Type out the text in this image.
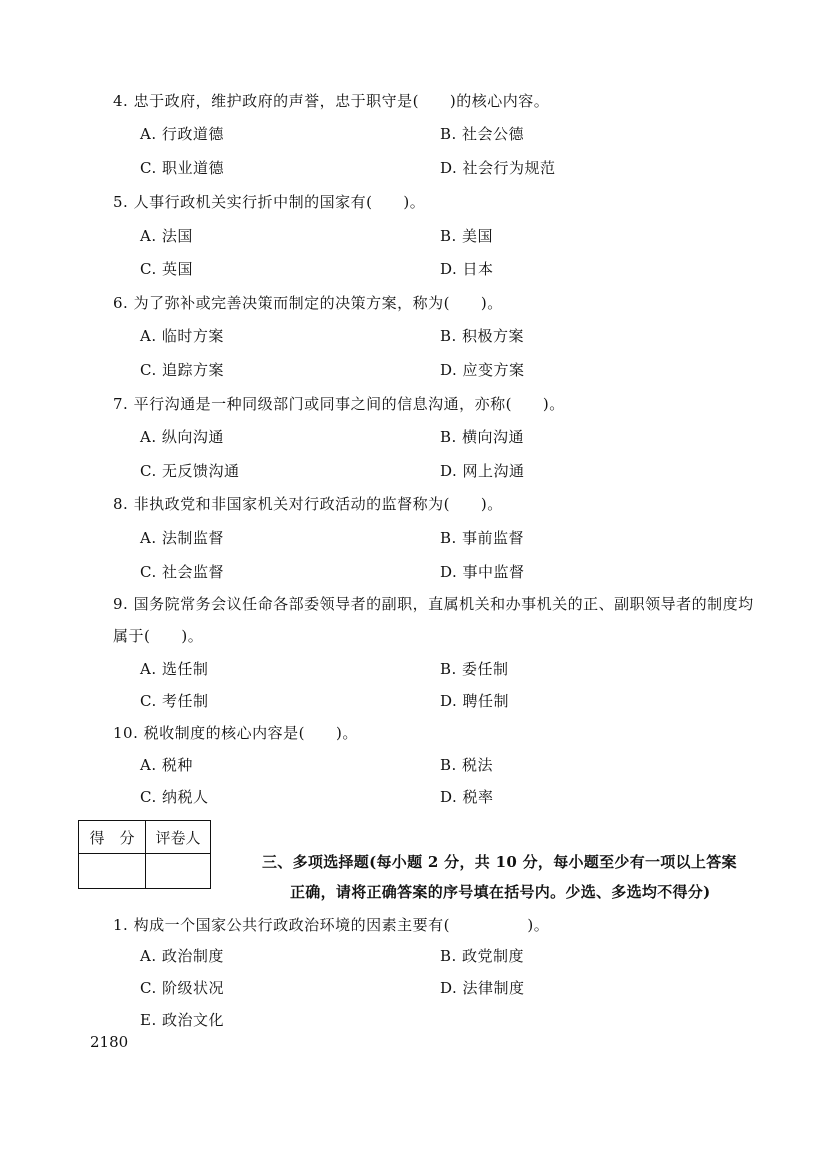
4. 忠于政府，维护政府的声誉，忠于职守是(　　)的核心内容。
A. 行政道德	B. 社会公德
C. 职业道德	D. 社会行为规范
5. 人事行政机关实行折中制的国家有(　　)。
A. 法国	B. 美国
C. 英国	D. 日本
6. 为了弥补或完善决策而制定的决策方案，称为(　　)。
A. 临时方案	B. 积极方案
C. 追踪方案	D. 应变方案
7. 平行沟通是一种同级部门或同事之间的信息沟通，亦称(　　)。
A. 纵向沟通	B. 横向沟通
C. 无反馈沟通	D. 网上沟通
8. 非执政党和非国家机关对行政活动的监督称为(　　)。
A. 法制监督	B. 事前监督
C. 社会监督	D. 事中监督
9. 国务院常务会议任命各部委领导者的副职，直属机关和办事机关的正、副职领导者的制度均属于(　　)。
A. 选任制	B. 委任制
C. 考任制	D. 聘任制
10. 税收制度的核心内容是(　　)。
A. 税种	B. 税法
C. 纳税人	D. 税率
得　分	评卷人

三、多项选择题(每小题 2 分，共 10 分，每小题至少有一项以上答案
正确，请将正确答案的序号填在括号内。少选、多选均不得分)
1. 构成一个国家公共行政政治环境的因素主要有(　　　　　)。
A. 政治制度	B. 政党制度
C. 阶级状况	D. 法律制度
E. 政治文化
2180
